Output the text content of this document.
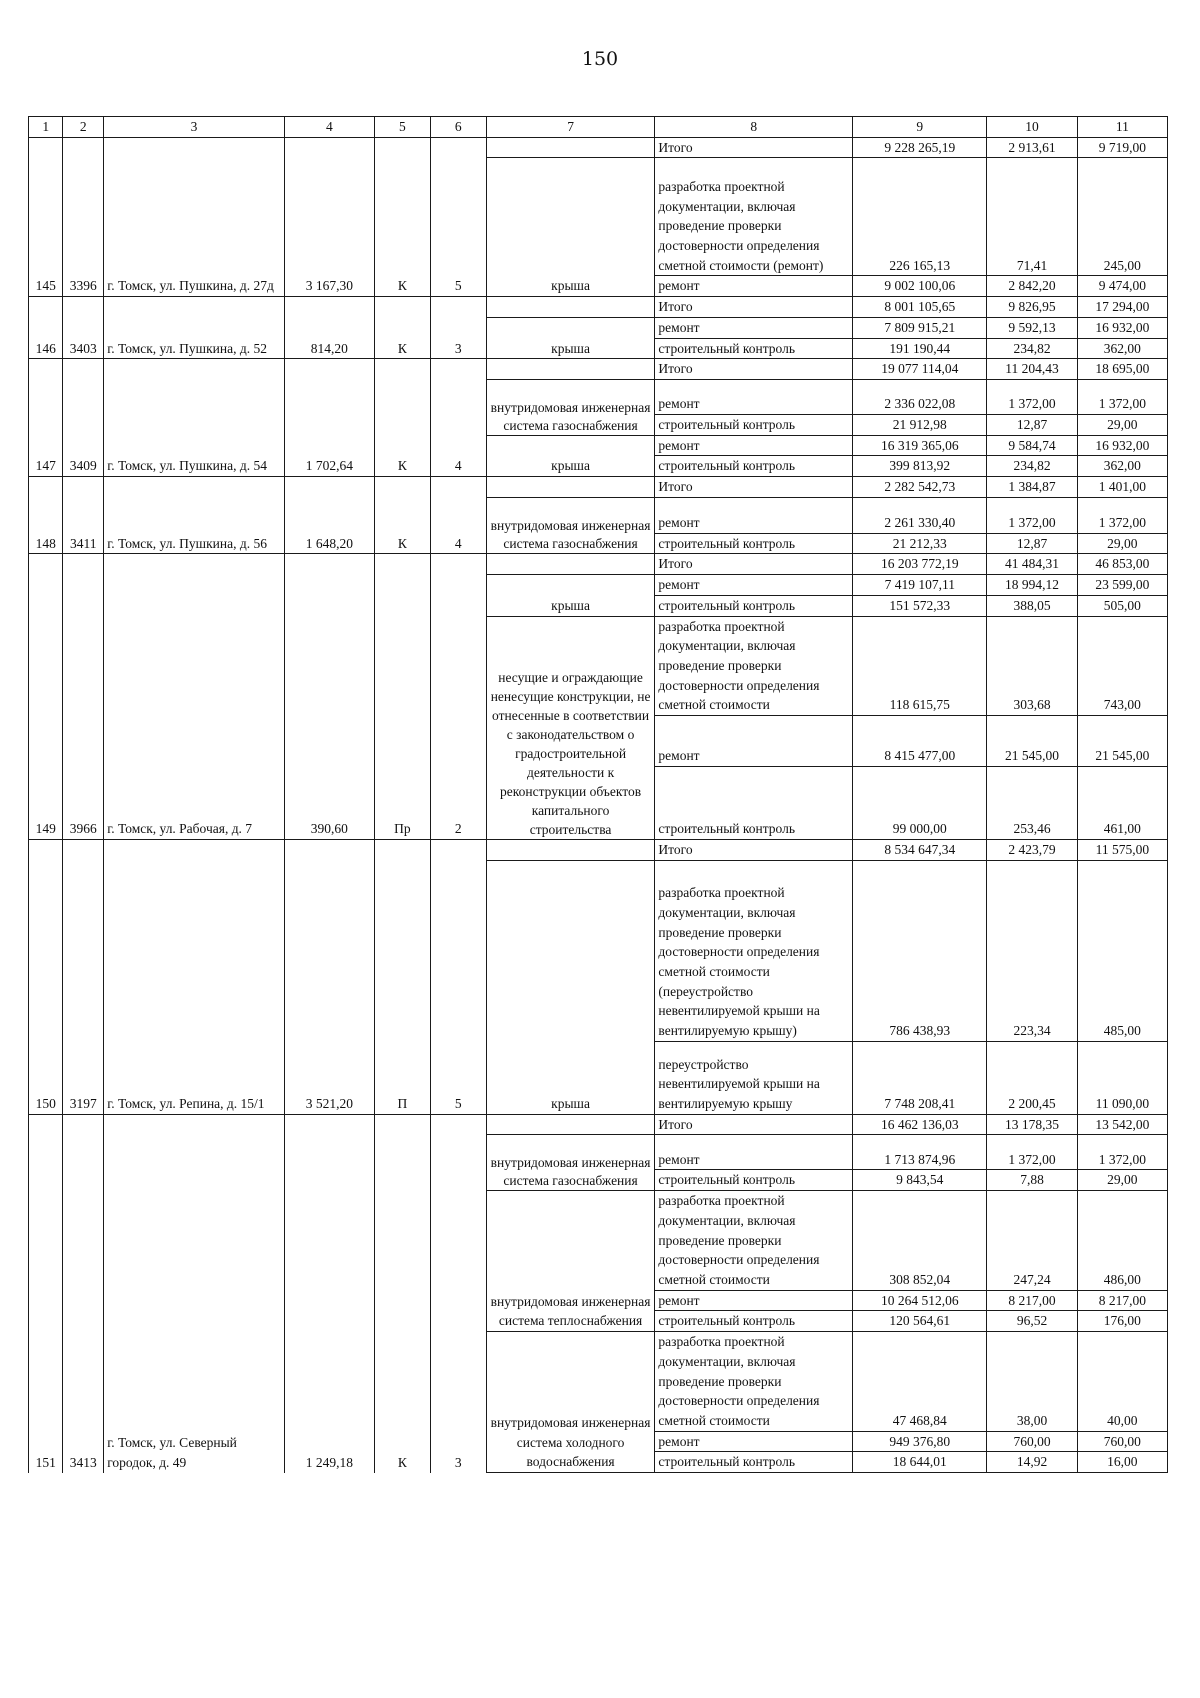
150
1	2	3	4	5	6	7	8	9	10	11
145	3396	г. Томск, ул. Пушкина, д. 27д	3 167,30	К	5		Итого	9 228 265,19	2 913,61	9 719,00
						крыша	разработка проектной документации, включая проведение проверки достоверности определения сметной стоимости (ремонт)	226 165,13	71,41	245,00
							ремонт	9 002 100,06	2 842,20	9 474,00
146	3403	г. Томск, ул. Пушкина, д. 52	814,20	К	3		Итого	8 001 105,65	9 826,95	17 294,00
						крыша	ремонт	7 809 915,21	9 592,13	16 932,00
							строительный контроль	191 190,44	234,82	362,00
147	3409	г. Томск, ул. Пушкина, д. 54	1 702,64	К	4		Итого	19 077 114,04	11 204,43	18 695,00
						внутридомовая инженерная система газоснабжения	ремонт	2 336 022,08	1 372,00	1 372,00
							строительный контроль	21 912,98	12,87	29,00
						крыша	ремонт	16 319 365,06	9 584,74	16 932,00
							строительный контроль	399 813,92	234,82	362,00
148	3411	г. Томск, ул. Пушкина, д. 56	1 648,20	К	4		Итого	2 282 542,73	1 384,87	1 401,00
						внутридомовая инженерная система газоснабжения	ремонт	2 261 330,40	1 372,00	1 372,00
							строительный контроль	21 212,33	12,87	29,00
149	3966	г. Томск, ул. Рабочая, д. 7	390,60	Пр	2		Итого	16 203 772,19	41 484,31	46 853,00
						крыша	ремонт	7 419 107,11	18 994,12	23 599,00
							строительный контроль	151 572,33	388,05	505,00
						несущие и ограждающие ненесущие конструкции, не отнесенные в соответствии с законодательством о градостроительной деятельности к реконструкции объектов капитального строительства	разработка проектной документации, включая проведение проверки достоверности определения сметной стоимости	118 615,75	303,68	743,00
							ремонт	8 415 477,00	21 545,00	21 545,00
							строительный контроль	99 000,00	253,46	461,00
150	3197	г. Томск, ул. Репина, д. 15/1	3 521,20	П	5		Итого	8 534 647,34	2 423,79	11 575,00
						крыша	разработка проектной документации, включая проведение проверки достоверности определения сметной стоимости (переустройство невентилируемой крыши на вентилируемую крышу)	786 438,93	223,34	485,00
							переустройство невентилируемой крыши на вентилируемую крышу	7 748 208,41	2 200,45	11 090,00
151	3413	г. Томск, ул. Северный городок, д. 49	1 249,18	К	3		Итого	16 462 136,03	13 178,35	13 542,00
						внутридомовая инженерная система газоснабжения	ремонт	1 713 874,96	1 372,00	1 372,00
							строительный контроль	9 843,54	7,88	29,00
						внутридомовая инженерная система теплоснабжения	разработка проектной документации, включая проведение проверки достоверности определения сметной стоимости	308 852,04	247,24	486,00
							ремонт	10 264 512,06	8 217,00	8 217,00
							строительный контроль	120 564,61	96,52	176,00
						внутридомовая инженерная система холодного водоснабжения	разработка проектной документации, включая проведение проверки достоверности определения сметной стоимости	47 468,84	38,00	40,00
							ремонт	949 376,80	760,00	760,00
							строительный контроль	18 644,01	14,92	16,00
